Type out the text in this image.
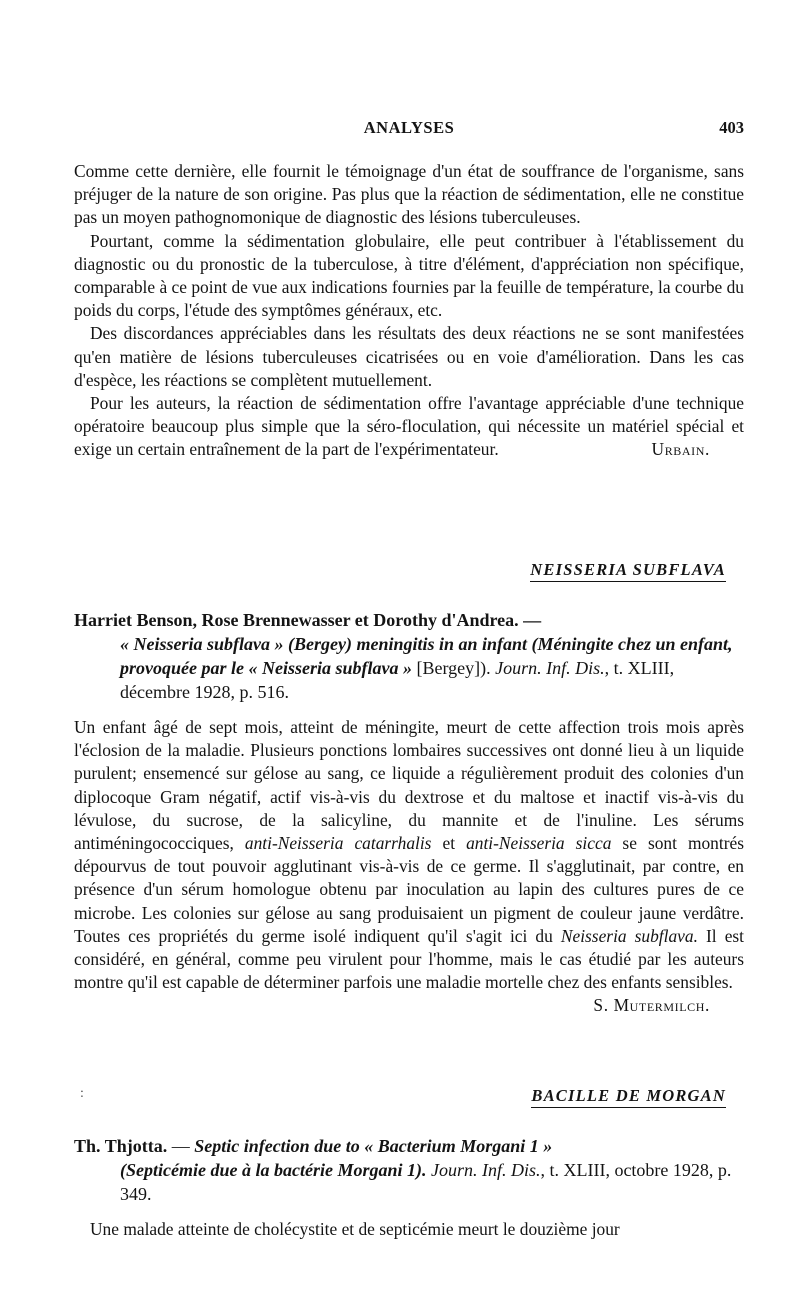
ANALYSES	403

Comme cette dernière, elle fournit le témoignage d'un état de souffrance de l'organisme, sans préjuger de la nature de son origine. Pas plus que la réaction de sédimentation, elle ne constitue pas un moyen pathognomonique de diagnostic des lésions tuberculeuses.

Pourtant, comme la sédimentation globulaire, elle peut contribuer à l'établissement du diagnostic ou du pronostic de la tuberculose, à titre d'élément, d'appréciation non spécifique, comparable à ce point de vue aux indications fournies par la feuille de température, la courbe du poids du corps, l'étude des symptômes généraux, etc.

Des discordances appréciables dans les résultats des deux réactions ne se sont manifestées qu'en matière de lésions tuberculeuses cicatrisées ou en voie d'amélioration. Dans les cas d'espèce, les réactions se complètent mutuellement.

Pour les auteurs, la réaction de sédimentation offre l'avantage appréciable d'une technique opératoire beaucoup plus simple que la séro-floculation, qui nécessite un matériel spécial et exige un certain entraînement de la part de l'expérimentateur.	Urbain.

NEISSERIA SUBFLAVA

Harriet Benson, Rose Brennewasser et Dorothy d'Andrea. —

« Neisseria subflava » (Bergey) meningitis in an infant (Méningite chez un enfant, provoquée par le « Neisseria subflava » [Bergey]). Journ. Inf. Dis., t. XLIII, décembre 1928, p. 516.

Un enfant âgé de sept mois, atteint de méningite, meurt de cette affection trois mois après l'éclosion de la maladie. Plusieurs ponctions lombaires successives ont donné lieu à un liquide purulent; ensemencé sur gélose au sang, ce liquide a régulièrement produit des colonies d'un diplocoque Gram négatif, actif vis-à-vis du dextrose et du maltose et inactif vis-à-vis du lévulose, du sucrose, de la salicyline, du mannite et de l'inuline. Les sérums antiméningococciques, anti-Neisseria catarrhalis et anti-Neisseria sicca se sont montrés dépourvus de tout pouvoir agglutinant vis-à-vis de ce germe. Il s'agglutinait, par contre, en présence d'un sérum homologue obtenu par inoculation au lapin des cultures pures de ce microbe. Les colonies sur gélose au sang produisaient un pigment de couleur jaune verdâtre. Toutes ces propriétés du germe isolé indiquent qu'il s'agit ici du Neisseria subflava. Il est considéré, en général, comme peu virulent pour l'homme, mais le cas étudié par les auteurs montre qu'il est capable de déterminer parfois une maladie mortelle chez des enfants sensibles.

S. Mutermilch.
:	BACILLE DE MORGAN

Th. Thjotta. — Septic infection due to « Bacterium Morgani 1 »

(Septicémie due à la bactérie Morgani 1). Journ. Inf. Dis., t. XLIII, octobre 1928, p. 349.

Une malade atteinte de cholécystite et de septicémie meurt le douzième jour
